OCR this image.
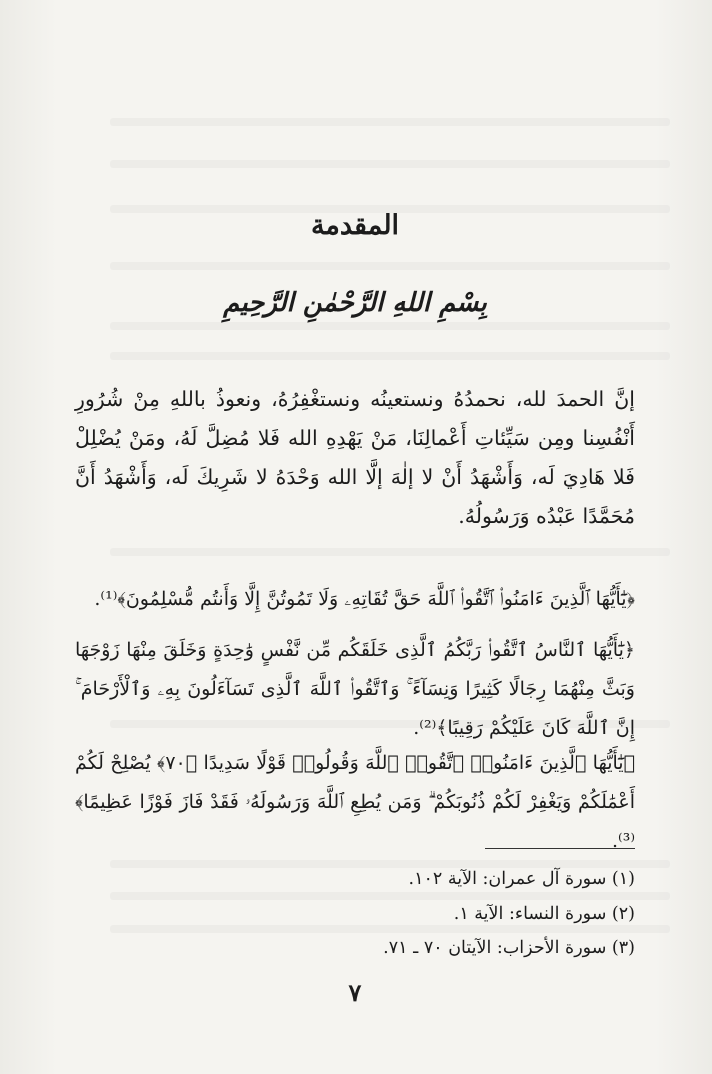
المقدمة
بِسْمِ اللهِ الرَّحْمٰنِ الرَّحِيمِ

إنَّ الحمدَ لله، نحمدُهُ ونستعينُه ونستغْفِرُهُ، ونعوذُ باللهِ مِنْ شُرُورِ أَنْفُسِنا ومِن سَيِّئاتِ أَعْمالِنَا، مَنْ يَهْدِهِ الله فَلا مُضِلَّ لَهُ، ومَنْ يُضْلِلْ فَلا هَادِيَ لَه، وَأَشْهَدُ أَنْ لا إلٰهَ إلَّا الله وَحْدَهُ لا شَرِيكَ لَه، وَأَشْهَدُ أَنَّ مُحَمَّدًا عَبْدُه وَرَسُولُهُ.

﴿يَٰٓأَيُّهَا ٱلَّذِينَ ءَامَنُوا۟ ٱتَّقُوا۟ ٱللَّهَ حَقَّ تُقَاتِهِۦ وَلَا تَمُوتُنَّ إِلَّا وَأَنتُم مُّسْلِمُونَ﴾⁽¹⁾.

﴿يَٰٓأَيُّهَا ٱلنَّاسُ ٱتَّقُوا۟ رَبَّكُمُ ٱلَّذِى خَلَقَكُم مِّن نَّفْسٍ وَٰحِدَةٍ وَخَلَقَ مِنْهَا زَوْجَهَا وَبَثَّ مِنْهُمَا رِجَالًا كَثِيرًا وَنِسَآءً ۚ وَٱتَّقُوا۟ ٱللَّهَ ٱلَّذِى تَسَآءَلُونَ بِهِۦ وَٱلْأَرْحَامَ ۚ إِنَّ ٱللَّهَ كَانَ عَلَيْكُمْ رَقِيبًا﴾⁽²⁾.

﴿يَٰٓأَيُّهَا ٱلَّذِينَ ءَامَنُوا۟ ٱتَّقُوا۟ ٱللَّهَ وَقُولُوا۟ قَوْلًا سَدِيدًا ﴿٧٠﴾ يُصْلِحْ لَكُمْ أَعْمَٰلَكُمْ وَيَغْفِرْ لَكُمْ ذُنُوبَكُمْ ۗ وَمَن يُطِعِ ٱللَّهَ وَرَسُولَهُۥ فَقَدْ فَازَ فَوْزًا عَظِيمًا﴾⁽³⁾.

(١) سورة آل عمران: الآية ١٠٢.

(٢) سورة النساء: الآية ١.

(٣) سورة الأحزاب: الآيتان ٧٠ ـ ٧١.

٧
